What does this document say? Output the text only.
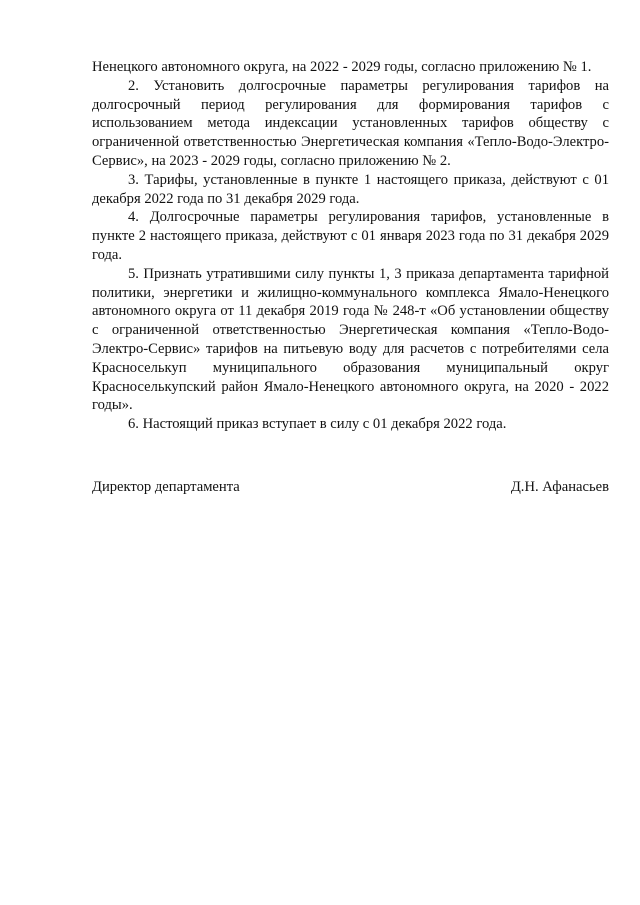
Ненецкого автономного округа, на 2022 - 2029 годы, согласно приложению № 1.

2. Установить долгосрочные параметры регулирования тарифов на долгосрочный период регулирования для формирования тарифов с использованием метода индексации установленных тарифов обществу с ограниченной ответственностью Энергетическая компания «Тепло-Водо-Электро-Сервис», на 2023 - 2029 годы, согласно приложению № 2.

3. Тарифы, установленные в пункте 1 настоящего приказа, действуют с 01 декабря 2022 года по 31 декабря 2029 года.

4. Долгосрочные параметры регулирования тарифов, установленные в пункте 2 настоящего приказа, действуют с 01 января 2023 года по 31 декабря 2029 года.

5. Признать утратившими силу пункты 1, 3 приказа департамента тарифной политики, энергетики и жилищно-коммунального комплекса Ямало-Ненецкого автономного округа от 11 декабря 2019 года № 248-т «Об установлении обществу с ограниченной ответственностью Энергетическая компания «Тепло-Водо-Электро-Сервис» тарифов на питьевую воду для расчетов с потребителями села Красноселькуп муниципального образования муниципальный округ Красноселькупский район Ямало-Ненецкого автономного округа, на 2020 - 2022 годы».

6. Настоящий приказ вступает в силу с 01 декабря 2022 года.

Директор департамента	Д.Н. Афанасьев
